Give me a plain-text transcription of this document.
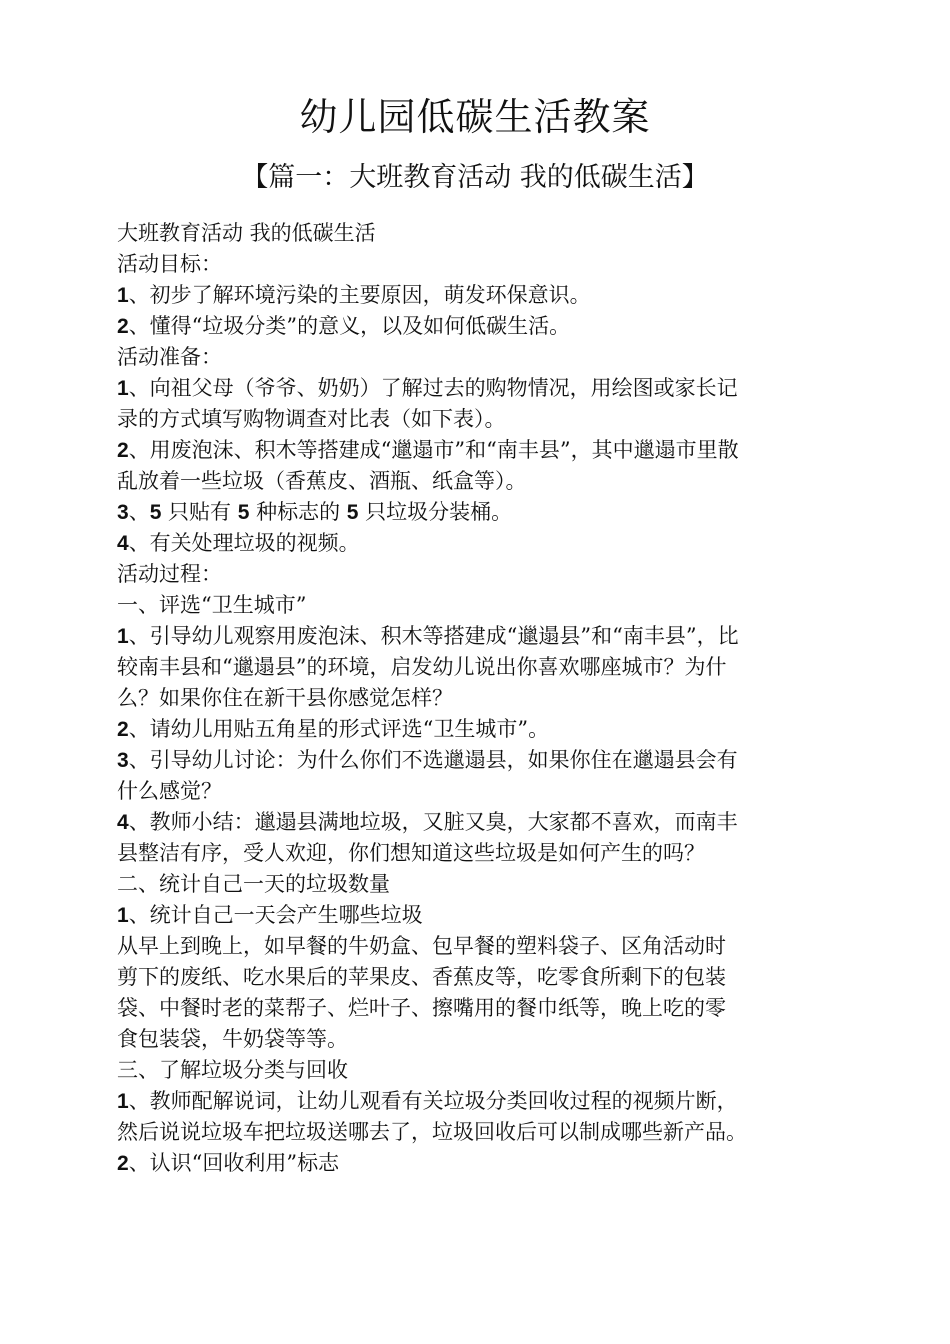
幼儿园低碳生活教案
【篇一：大班教育活动 我的低碳生活】
大班教育活动 我的低碳生活
活动目标：
1、初步了解环境污染的主要原因，萌发环保意识。
2、懂得“垃圾分类”的意义，以及如何低碳生活。
活动准备：
1、向祖父母（爷爷、奶奶）了解过去的购物情况，用绘图或家长记
录的方式填写购物调查对比表（如下表）。
2、用废泡沫、积木等搭建成“邋遢市”和“南丰县”，其中邋遢市里散
乱放着一些垃圾（香蕉皮、酒瓶、纸盒等）。
3、5 只贴有 5 种标志的 5 只垃圾分装桶。
4、有关处理垃圾的视频。
活动过程：
一、评选“卫生城市”
1、引导幼儿观察用废泡沫、积木等搭建成“邋遢县”和“南丰县”，比
较南丰县和“邋遢县”的环境，启发幼儿说出你喜欢哪座城市？为什
么？如果你住在新干县你感觉怎样？
2、请幼儿用贴五角星的形式评选“卫生城市”。
3、引导幼儿讨论：为什么你们不选邋遢县，如果你住在邋遢县会有
什么感觉？
4、教师小结：邋遢县满地垃圾，又脏又臭，大家都不喜欢，而南丰
县整洁有序，受人欢迎，你们想知道这些垃圾是如何产生的吗？
二、统计自己一天的垃圾数量
1、统计自己一天会产生哪些垃圾
从早上到晚上，如早餐的牛奶盒、包早餐的塑料袋子、区角活动时
剪下的废纸、吃水果后的苹果皮、香蕉皮等，吃零食所剩下的包装
袋、中餐时老的菜帮子、烂叶子、擦嘴用的餐巾纸等，晚上吃的零
食包装袋，牛奶袋等等。
三、了解垃圾分类与回收
1、教师配解说词，让幼儿观看有关垃圾分类回收过程的视频片断，
然后说说垃圾车把垃圾送哪去了，垃圾回收后可以制成哪些新产品。
2、认识“回收利用”标志
